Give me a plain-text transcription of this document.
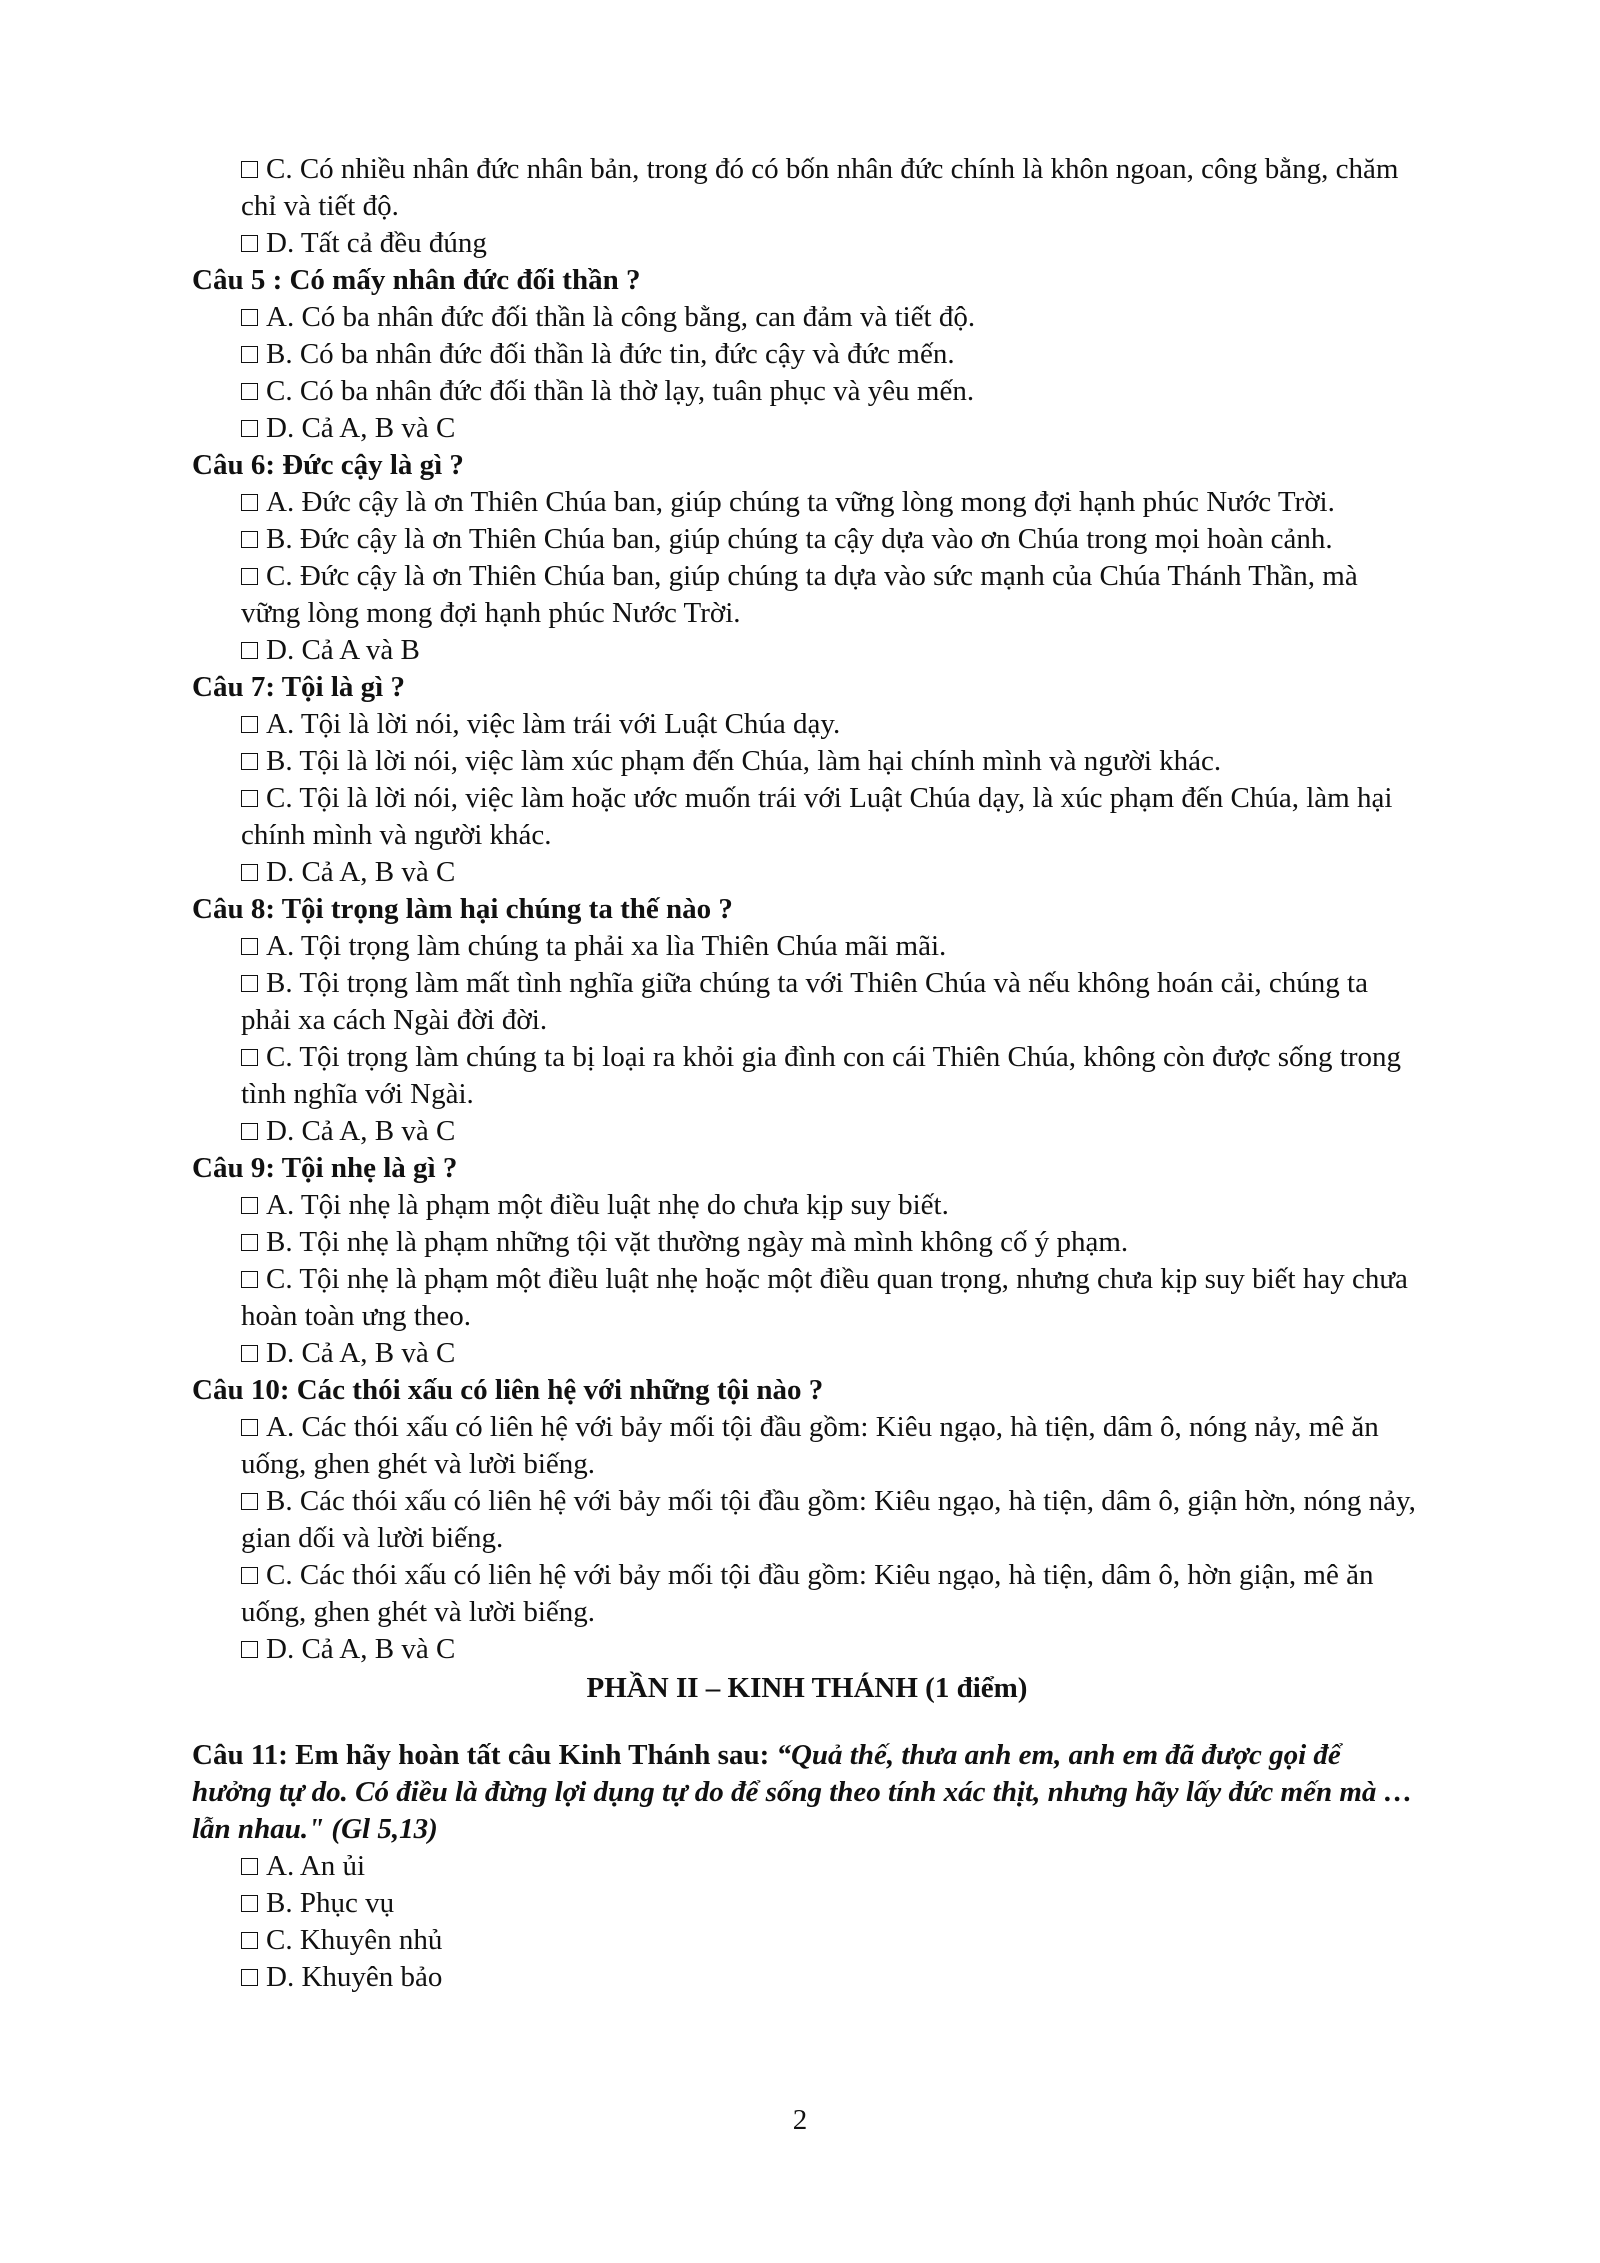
C. Có nhiều nhân đức nhân bản, trong đó có bốn nhân đức chính là khôn ngoan, công bằng, chăm chỉ và tiết độ.
D. Tất cả đều đúng
Câu 5 : Có mấy nhân đức đối thần ?
A. Có ba nhân đức đối thần là công bằng, can đảm và tiết độ.
B. Có ba nhân đức đối thần là đức tin, đức cậy và đức mến.
C. Có ba nhân đức đối thần là thờ lạy, tuân phục và yêu mến.
D. Cả A, B và C
Câu 6: Đức cậy là gì ?
A. Đức cậy là ơn Thiên Chúa ban, giúp chúng ta vững lòng mong đợi hạnh phúc Nước Trời.
B. Đức cậy là ơn Thiên Chúa ban, giúp chúng ta cậy dựa vào ơn Chúa trong mọi hoàn cảnh.
C. Đức cậy là ơn Thiên Chúa ban, giúp chúng ta dựa vào sức mạnh của Chúa Thánh Thần, mà vững lòng mong đợi hạnh phúc Nước Trời.
D. Cả A và B
Câu 7: Tội là gì ?
A. Tội là lời nói, việc làm trái với Luật Chúa dạy.
B. Tội là lời nói, việc làm xúc phạm đến Chúa, làm hại chính mình và người khác.
C. Tội là lời nói, việc làm hoặc ước muốn trái với Luật Chúa dạy, là xúc phạm đến Chúa, làm hại chính mình và người khác.
D. Cả A, B và C
Câu 8: Tội trọng làm hại chúng ta thế nào ?
A. Tội trọng làm chúng ta phải xa lìa Thiên Chúa mãi mãi.
B. Tội trọng làm mất tình nghĩa giữa chúng ta với Thiên Chúa và nếu không hoán cải, chúng ta phải xa cách Ngài đời đời.
C. Tội trọng làm chúng ta bị loại ra khỏi gia đình con cái Thiên Chúa, không còn được sống trong tình nghĩa với Ngài.
D. Cả A, B và C
Câu 9: Tội nhẹ là gì ?
A. Tội nhẹ là phạm một điều luật nhẹ do chưa kịp suy biết.
B. Tội nhẹ là phạm những tội vặt thường ngày mà mình không cố ý phạm.
C. Tội nhẹ là phạm một điều luật nhẹ hoặc một điều quan trọng, nhưng chưa kịp suy biết hay chưa hoàn toàn ưng theo.
D. Cả A, B và C
Câu 10: Các thói xấu có liên hệ với những tội nào ?
A. Các thói xấu có liên hệ với bảy mối tội đầu gồm: Kiêu ngạo, hà tiện, dâm ô, nóng nảy, mê ăn uống, ghen ghét và lười biếng.
B. Các thói xấu có liên hệ với bảy mối tội đầu gồm: Kiêu ngạo, hà tiện, dâm ô, giận hờn, nóng nảy, gian dối và lười biếng.
C. Các thói xấu có liên hệ với bảy mối tội đầu gồm: Kiêu ngạo, hà tiện, dâm ô, hờn giận, mê ăn uống, ghen ghét và lười biếng.
D. Cả A, B và C
PHẦN II – KINH THÁNH (1 điểm)
Câu 11: Em hãy hoàn tất câu Kinh Thánh sau: “Quả thế, thưa anh em, anh em đã được gọi để hưởng tự do. Có điều là đừng lợi dụng tự do để sống theo tính xác thịt, nhưng hãy lấy đức mến mà … lẫn nhau." (Gl 5,13)
A. An ủi
B. Phục vụ
C. Khuyên nhủ
D. Khuyên bảo
2
